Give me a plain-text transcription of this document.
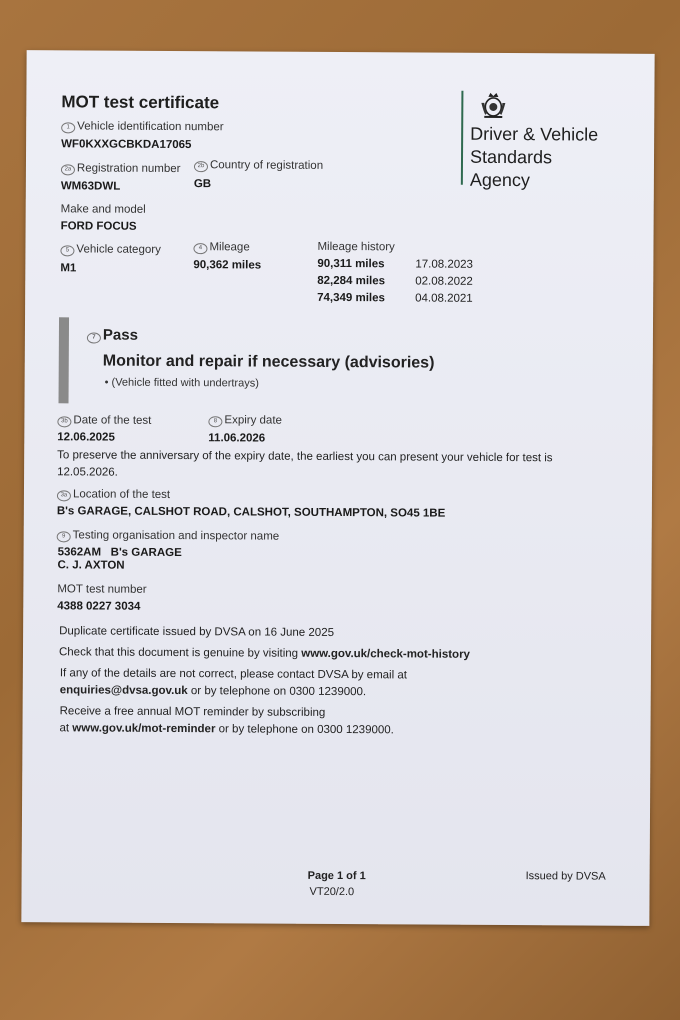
MOT test certificate
1 Vehicle identification number
WF0KXXGCBKDA17065
2a Registration number
WM63DWL
2b Country of registration
GB
Make and model
FORD FOCUS
5 Vehicle category
M1
4 Mileage
90,362 miles
Mileage history
90,311 miles	17.08.2023
82,284 miles	02.08.2022
74,349 miles	04.08.2021
Driver & Vehicle
Standards
Agency
7 Pass
Monitor and repair if necessary (advisories)
• (Vehicle fitted with undertrays)
3b Date of the test
12.06.2025
8 Expiry date
11.06.2026
To preserve the anniversary of the expiry date, the earliest you can present your vehicle for test is
12.05.2026.
3a Location of the test
B's GARAGE, CALSHOT ROAD, CALSHOT, SOUTHAMPTON, SO45 1BE
9 Testing organisation and inspector name
5362AM   B's GARAGE
C. J. AXTON
MOT test number
4388 0227 3034
Duplicate certificate issued by DVSA on 16 June 2025
Check that this document is genuine by visiting www.gov.uk/check-mot-history
If any of the details are not correct, please contact DVSA by email at
enquiries@dvsa.gov.uk or by telephone on 0300 1239000.
Receive a free annual MOT reminder by subscribing
at www.gov.uk/mot-reminder or by telephone on 0300 1239000.
Page 1 of 1
VT20/2.0
Issued by DVSA
